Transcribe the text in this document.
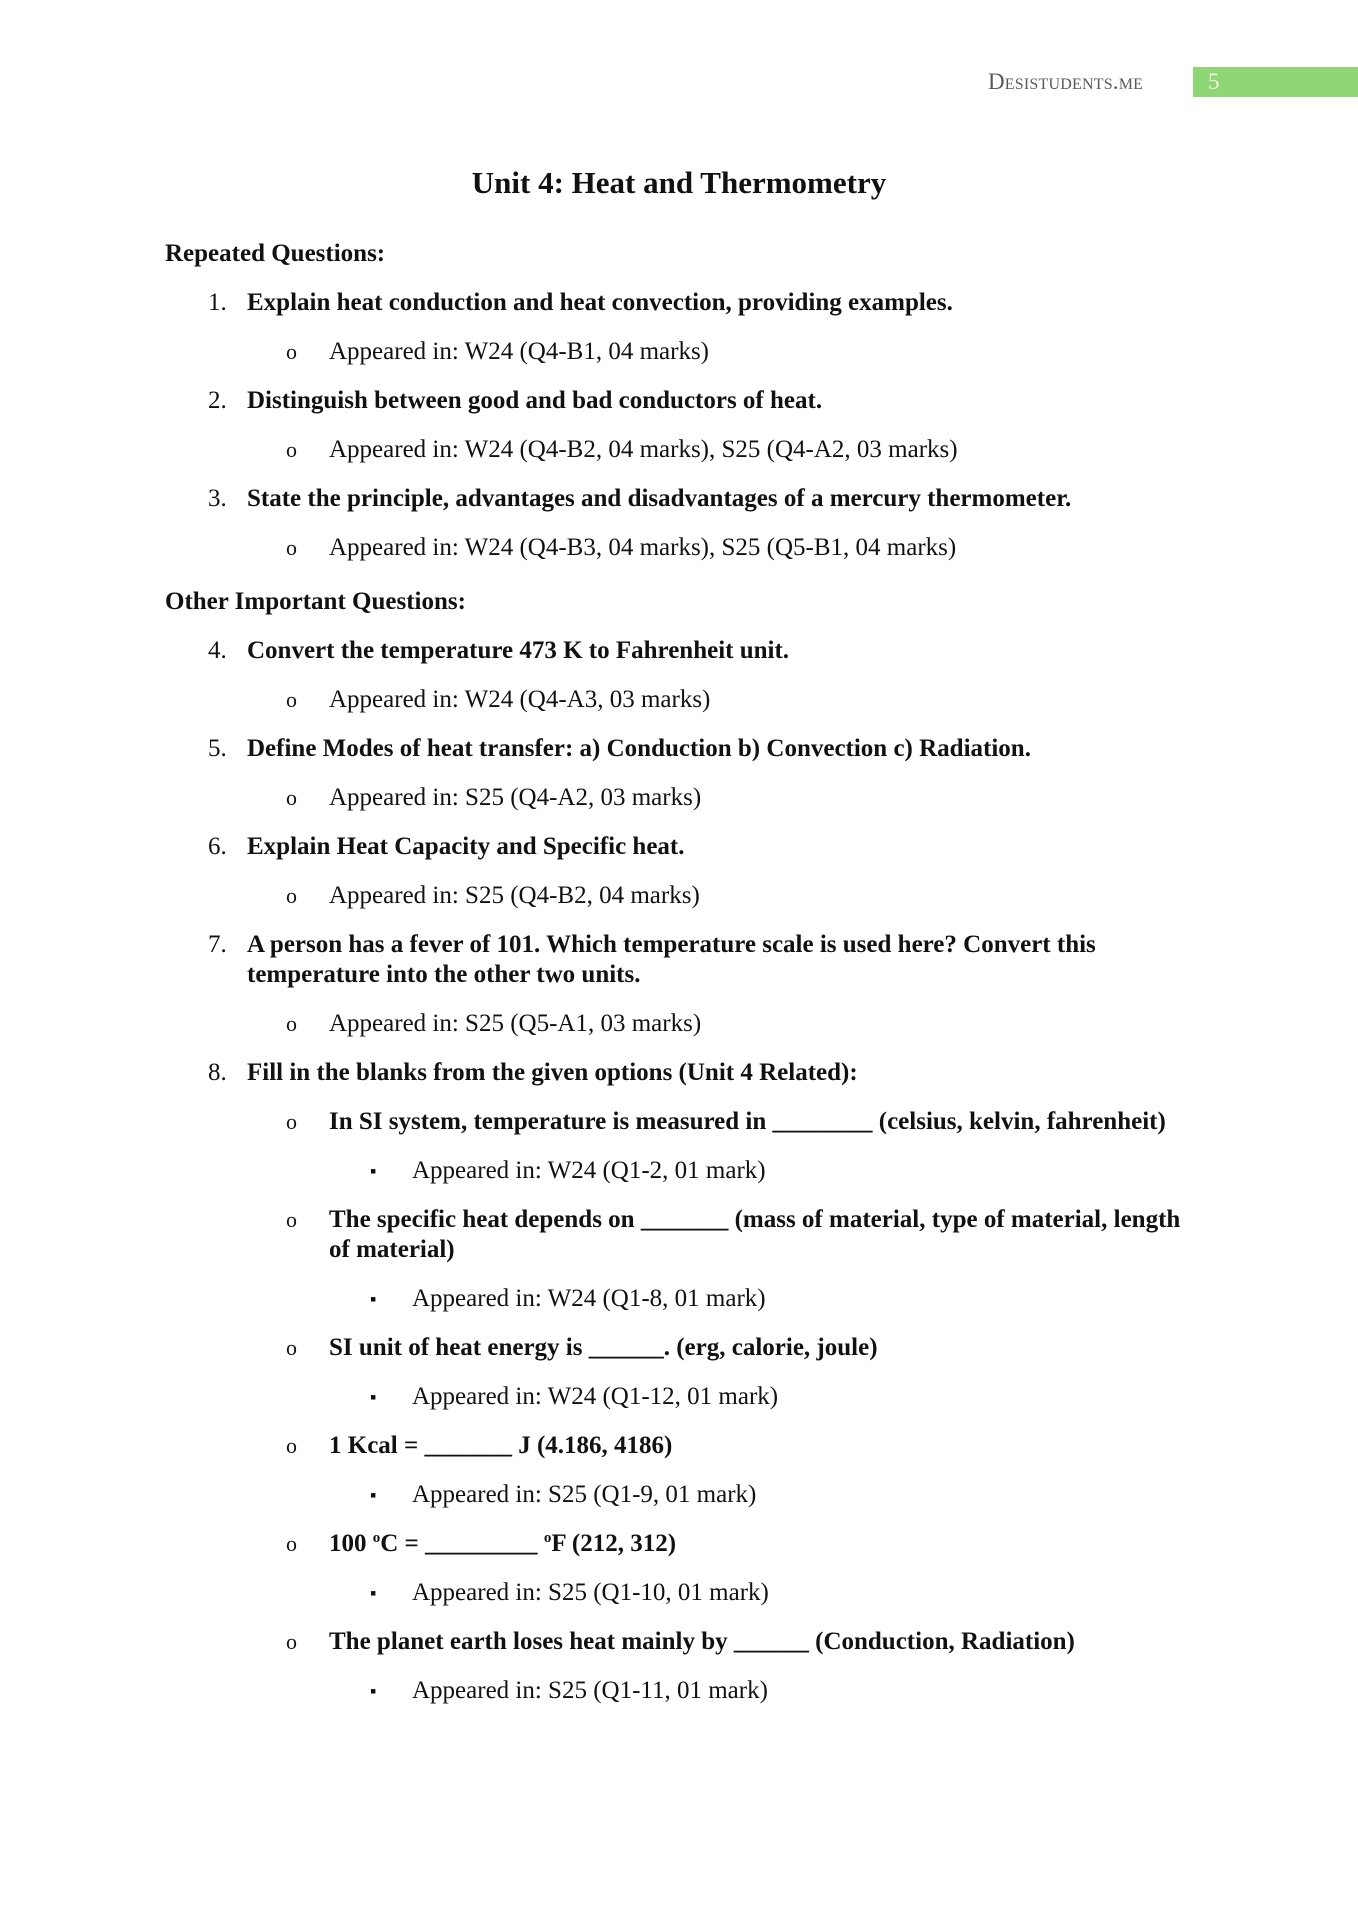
Desistudents.me	5
Unit 4: Heat and Thermometry
Repeated Questions:
1. Explain heat conduction and heat convection, providing examples.
o Appeared in: W24 (Q4-B1, 04 marks)
2. Distinguish between good and bad conductors of heat.
o Appeared in: W24 (Q4-B2, 04 marks), S25 (Q4-A2, 03 marks)
3. State the principle, advantages and disadvantages of a mercury thermometer.
o Appeared in: W24 (Q4-B3, 04 marks), S25 (Q5-B1, 04 marks)
Other Important Questions:
4. Convert the temperature 473 K to Fahrenheit unit.
o Appeared in: W24 (Q4-A3, 03 marks)
5. Define Modes of heat transfer: a) Conduction b) Convection c) Radiation.
o Appeared in: S25 (Q4-A2, 03 marks)
6. Explain Heat Capacity and Specific heat.
o Appeared in: S25 (Q4-B2, 04 marks)
7. A person has a fever of 101. Which temperature scale is used here? Convert this
temperature into the other two units.
o Appeared in: S25 (Q5-A1, 03 marks)
8. Fill in the blanks from the given options (Unit 4 Related):
o In SI system, temperature is measured in ________ (celsius, kelvin, fahrenheit)
▪ Appeared in: W24 (Q1-2, 01 mark)
o The specific heat depends on _______ (mass of material, type of material, length
of material)
▪ Appeared in: W24 (Q1-8, 01 mark)
o SI unit of heat energy is ______. (erg, calorie, joule)
▪ Appeared in: W24 (Q1-12, 01 mark)
o 1 Kcal = _______ J (4.186, 4186)
▪ Appeared in: S25 (Q1-9, 01 mark)
o 100 $^o$C = _________ $^o$F (212, 312)
▪ Appeared in: S25 (Q1-10, 01 mark)
o The planet earth loses heat mainly by ______ (Conduction, Radiation)
▪ Appeared in: S25 (Q1-11, 01 mark)
